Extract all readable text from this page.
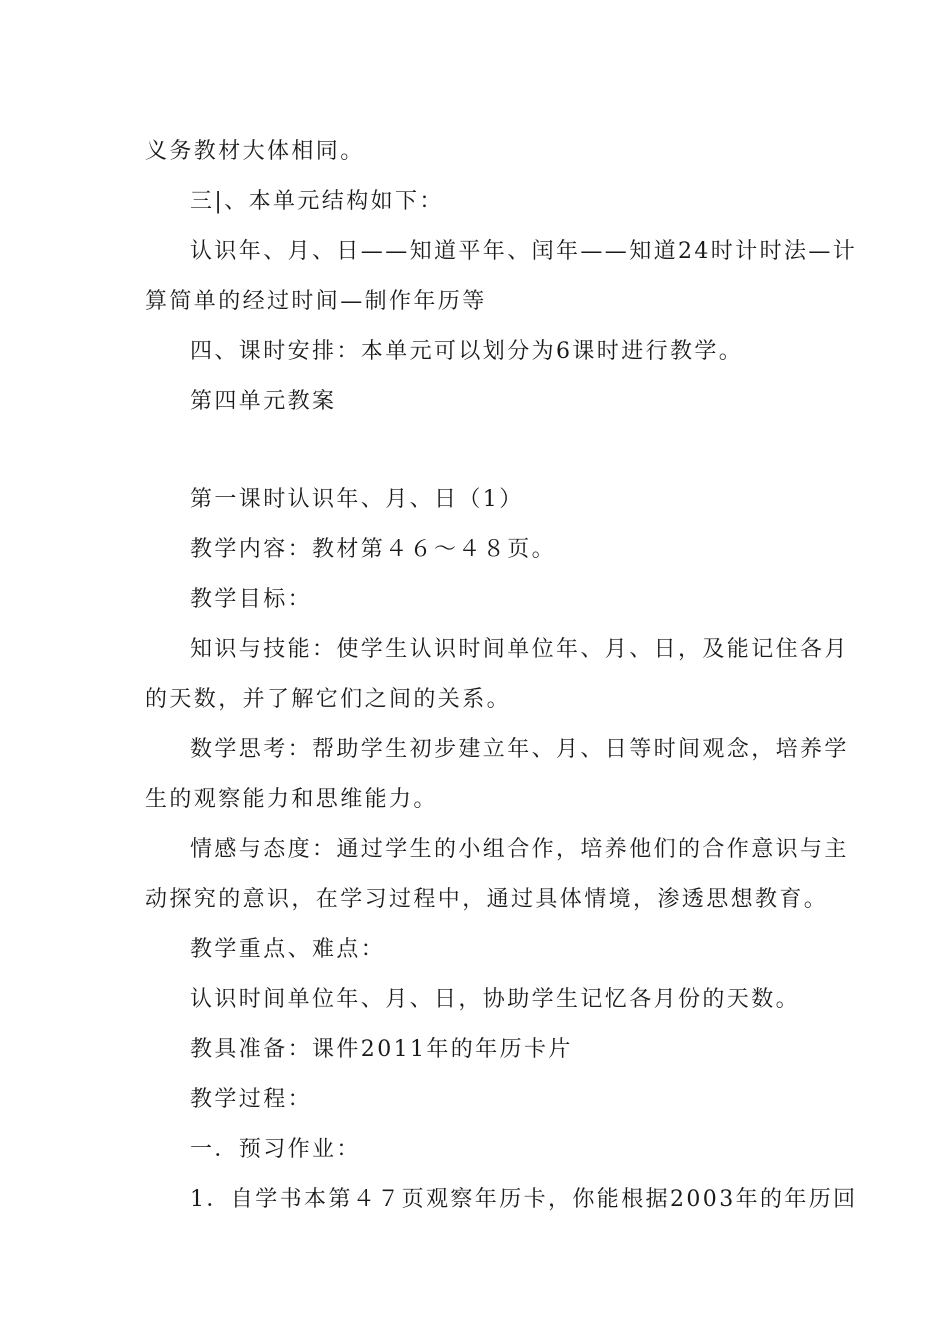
义务教材大体相同。
三|、本单元结构如下：
认识年、月、日——知道平年、闰年——知道24时计时法—计
算简单的经过时间—制作年历等
四、课时安排：本单元可以划分为6课时进行教学。
第四单元教案
第一课时认识年、月、日（1）
教学内容：教材第４６～４８页。
教学目标：
知识与技能：使学生认识时间单位年、月、日，及能记住各月
的天数，并了解它们之间的关系。
数学思考：帮助学生初步建立年、月、日等时间观念，培养学
生的观察能力和思维能力。
情感与态度：通过学生的小组合作，培养他们的合作意识与主
动探究的意识，在学习过程中，通过具体情境，渗透思想教育。
教学重点、难点：
认识时间单位年、月、日，协助学生记忆各月份的天数。
教具准备：课件2011年的年历卡片
教学过程：
一．预习作业：
1．自学书本第４７页观察年历卡，你能根据2003年的年历回
